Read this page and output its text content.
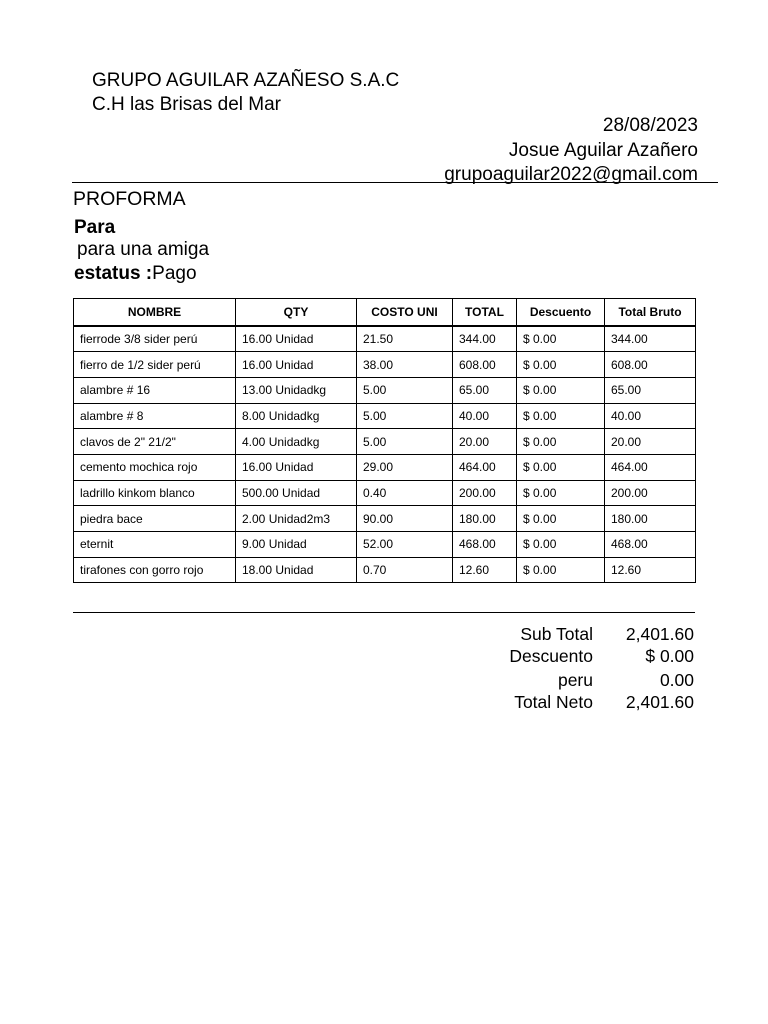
GRUPO AGUILAR AZAÑESO S.A.C
C.H las Brisas del Mar
28/08/2023
Josue Aguilar Azañero
grupoaguilar2022@gmail.com
PROFORMA
Para
para una amiga
estatus :Pago
NOMBRE	QTY	COSTO UNI	TOTAL	Descuento	Total Bruto
fierrode 3/8 sider perú	16.00 Unidad	21.50	344.00	$ 0.00	344.00
fierro de 1/2 sider perú	16.00 Unidad	38.00	608.00	$ 0.00	608.00
alambre # 16	13.00 Unidadkg	5.00	65.00	$ 0.00	65.00
alambre # 8	8.00 Unidadkg	5.00	40.00	$ 0.00	40.00
clavos de 2" 21/2"	4.00 Unidadkg	5.00	20.00	$ 0.00	20.00
cemento mochica rojo	16.00 Unidad	29.00	464.00	$ 0.00	464.00
ladrillo kinkom blanco	500.00 Unidad	0.40	200.00	$ 0.00	200.00
piedra bace	2.00 Unidad2m3	90.00	180.00	$ 0.00	180.00
eternit	9.00 Unidad	52.00	468.00	$ 0.00	468.00
tirafones con gorro rojo	18.00 Unidad	0.70	12.60	$ 0.00	12.60
Sub Total	2,401.60
Descuento	$ 0.00
peru	0.00
Total Neto	2,401.60
